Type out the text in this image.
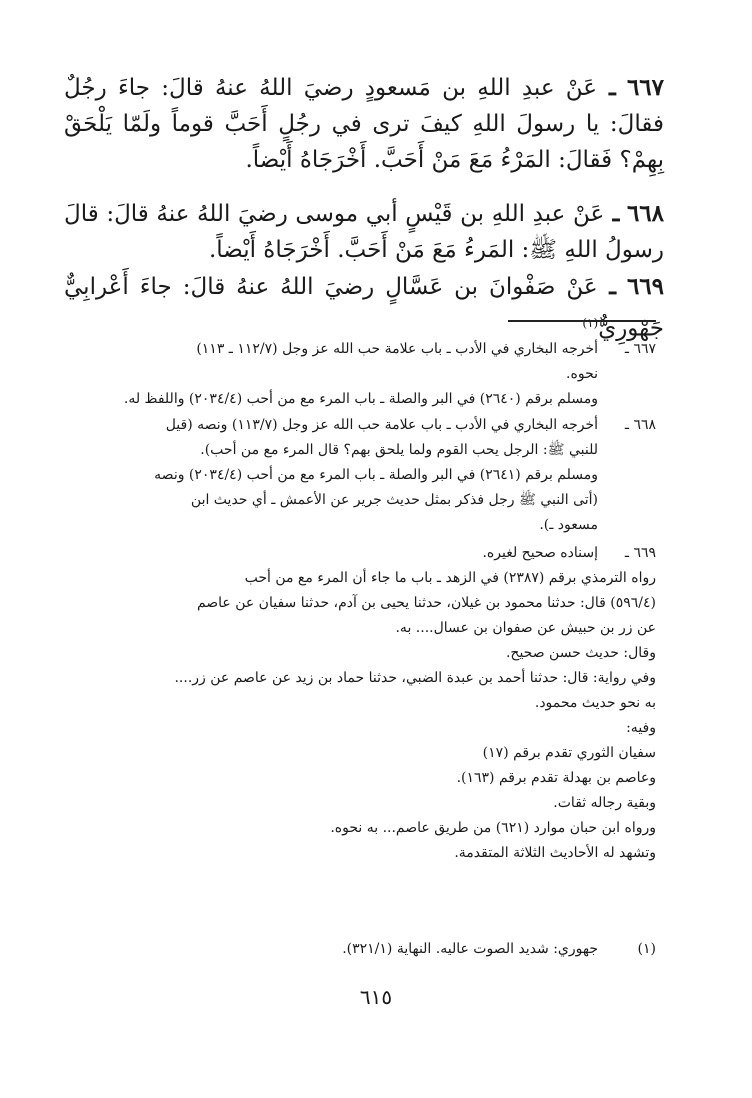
٦٦٧ ـ عَنْ عبدِ اللهِ بن مَسعودٍ رضيَ اللهُ عنهُ قالَ: جاءَ رجُلٌ فقالَ: يا رسولَ اللهِ كيفَ ترى في رجُلٍ أَحَبَّ قوماً ولَمّا يَلْحَقْ بِهِمْ؟ فَقالَ: المَرْءُ مَعَ مَنْ أَحَبَّ. أَخْرَجَاهُ أَيْضاً.
٦٦٨ ـ عَنْ عبدِ اللهِ بن قَيْسٍ أبي موسى رضيَ اللهُ عنهُ قالَ: قالَ رسولُ اللهِ ﷺ: المَرءُ مَعَ مَنْ أَحَبَّ. أَخْرَجَاهُ أَيْضاً.
٦٦٩ ـ عَنْ صَفْوانَ بن عَسَّالٍ رضيَ اللهُ عنهُ قالَ: جاءَ أَعْرابِيٌّ جَهْورِيٌّ$^{(١)}$
٦٦٧ ـ
أخرجه البخاري في الأدب ـ باب علامة حب الله عز وجل (١١٢/٧ ـ ١١٣)
نحوه.
ومسلم برقم (٢٦٤٠) في البر والصلة ـ باب المرء مع من أحب (٢٠٣٤/٤) واللفظ له.
٦٦٨ ـ
أخرجه البخاري في الأدب ـ باب علامة حب الله عز وجل (١١٣/٧) ونصه (قيل
للنبي ﷺ: الرجل يحب القوم ولما يلحق بهم؟ قال المرء مع من أحب).
ومسلم برقم (٢٦٤١) في البر والصلة ـ باب المرء مع من أحب (٢٠٣٤/٤) ونصه
(أتى النبي ﷺ رجل فذكر بمثل حديث جرير عن الأعمش ـ أي حديث ابن
مسعود ـ).
٦٦٩ ـ
إسناده صحيح لغيره.
رواه الترمذي برقم (٢٣٨٧) في الزهد ـ باب ما جاء أن المرء مع من أحب
(٥٩٦/٤) قال: حدثنا محمود بن غيلان، حدثنا يحيى بن آدم، حدثنا سفيان عن عاصم
عن زر بن حبيش عن صفوان بن عسال.... به.
وقال: حديث حسن صحيح.
وفي رواية: قال: حدثنا أحمد بن عبدة الضبي، حدثنا حماد بن زيد عن عاصم عن زر....
به نحو حديث محمود.
وفيه:
سفيان الثوري تقدم برقم (١٧)
وعاصم بن بهدلة تقدم برقم (١٦٣).
وبقية رجاله ثقات.
ورواه ابن حبان موارد (٦٢١) من طريق عاصم... به نحوه.
وتشهد له الأحاديث الثلاثة المتقدمة.
(١)
جهوري: شديد الصوت عاليه. النهاية (٣٢١/١).
٦١٥
